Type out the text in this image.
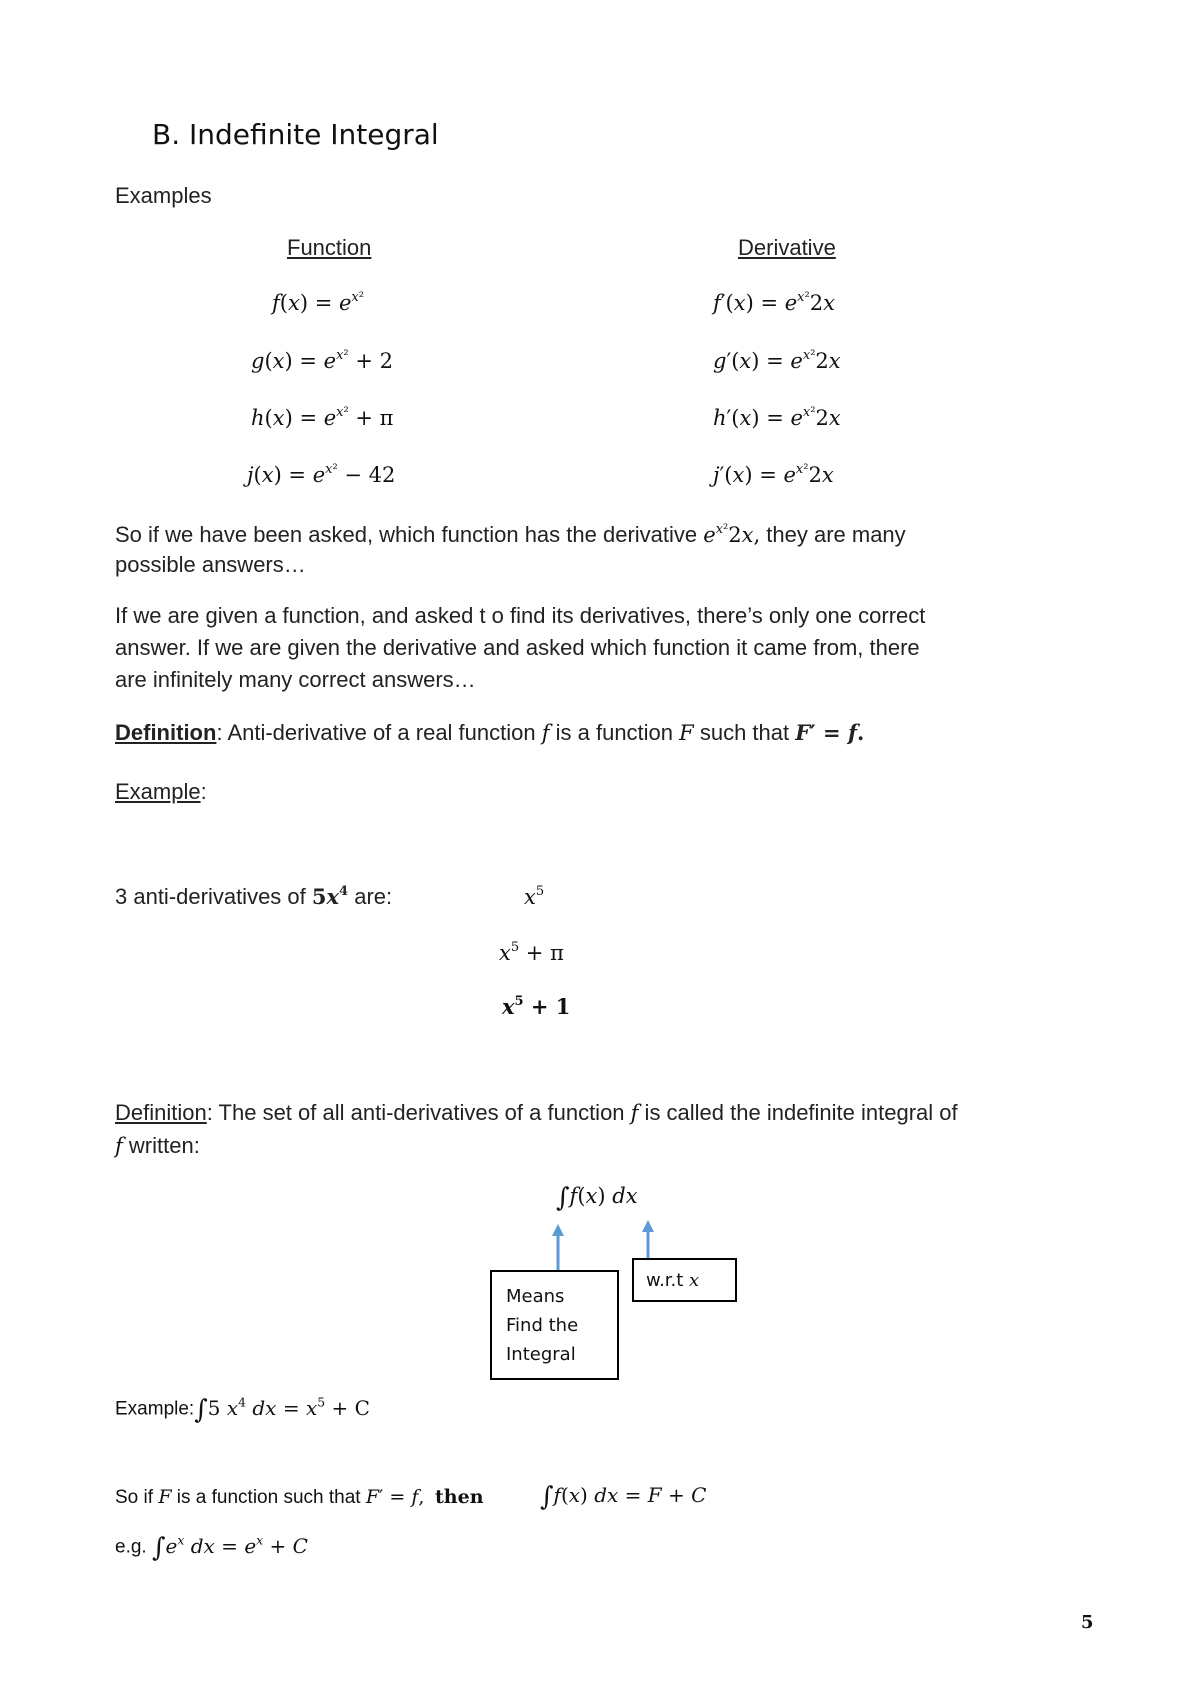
B. Indefinite Integral
Examples
Function	Derivative
$f(x) = e^{x^2}$
$g(x) = e^{x^2} + 2$
$h(x) = e^{x^2} + \pi$
$j(x) = e^{x^2} - 42$
$f'(x) = e^{x^2}2x$
$g'(x) = e^{x^2}2x$
$h'(x) = e^{x^2}2x$
$j'(x) = e^{x^2}2x$
So if we have been asked, which function has the derivative $e^{x^2}2x$, they are many
possible answers…
If we are given a function, and asked t o find its derivatives, there’s only one correct
answer. If we are given the derivative and asked which function it came from, there
are infinitely many correct answers…
Definition: Anti-derivative of a real function f is a function F such that F′ = f.
Example:
3 anti-derivatives of $5x^4$ are:	$x^5$
$x^5 + \pi$
$x^5 + 1$
Definition: The set of all anti-derivatives of a function f is called the indefinite integral of
f written:
∫f(x) dx
Means
Find the
Integral
w.r.t x
Example:∫5 $x^4$ dx = $x^5 + C$
So if F is a function such that F′ = f, then ∫f(x) dx = F + C
e.g. $\int e^x$ dx = $e^x + C$
5
